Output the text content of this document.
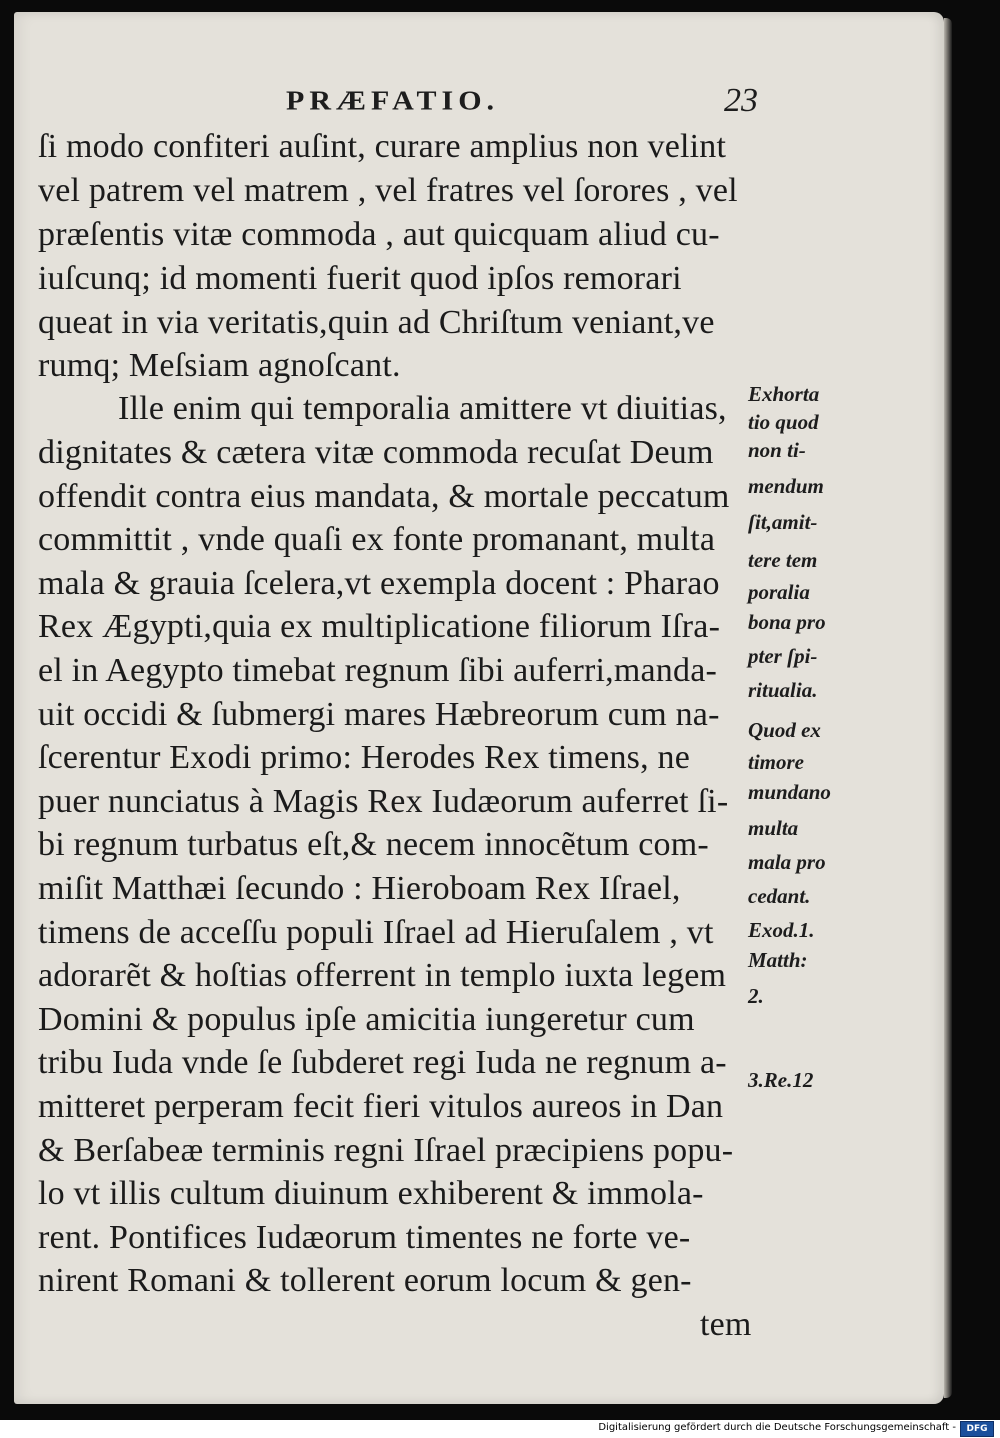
PRÆFATIO.	23
ſi modo confiteri auſint, curare amplius non velint
vel patrem vel matrem , vel fratres vel ſorores , vel
præſentis vitæ commoda , aut quicquam aliud cu-
iuſcunq; id momenti fuerit quod ipſos remorari
queat in via veritatis,quin ad Chriſtum veniant,ve
rumq; Meſsiam agnoſcant.
Ille enim qui temporalia amittere vt diuitias,
dignitates & cætera vitæ commoda recuſat Deum
offendit contra eius mandata, & mortale peccatum
committit , vnde quaſi ex fonte promanant, multa
mala & grauia ſcelera,vt exempla docent : Pharao
Rex Ægypti,quia ex multiplicatione filiorum Iſra-
el in Aegypto timebat regnum ſibi auferri,manda-
uit occidi & ſubmergi mares Hæbreorum cum na-
ſcerentur Exodi primo: Herodes Rex timens, ne
puer nunciatus à Magis Rex Iudæorum auferret ſi-
bi regnum turbatus eſt,& necem innocẽtum com-
miſit Matthæi ſecundo : Hieroboam Rex Iſrael,
timens de acceſſu populi Iſrael ad Hieruſalem , vt
adorarẽt & hoſtias offerrent in templo iuxta legem
Domini & populus ipſe amicitia iungeretur cum
tribu Iuda vnde ſe ſubderet regi Iuda ne regnum a-
mitteret perperam fecit fieri vitulos aureos in Dan
& Berſabeæ terminis regni Iſrael præcipiens popu-
lo vt illis cultum diuinum exhiberent & immola-
rent. Pontifices Iudæorum timentes ne forte ve-
nirent Romani & tollerent eorum locum & gen-
tem
Exhorta
tio quod
non ti-
mendum
ſit,amit-
tere tem
poralia
bona pro
pter ſpi-
ritualia.
Quod ex
timore
mundano
multa
mala pro
cedant.
Exod.1.
Matth:
2.
3.Re.12
Digitalisierung gefördert durch die Deutsche Forschungsgemeinschaft -	DFG
